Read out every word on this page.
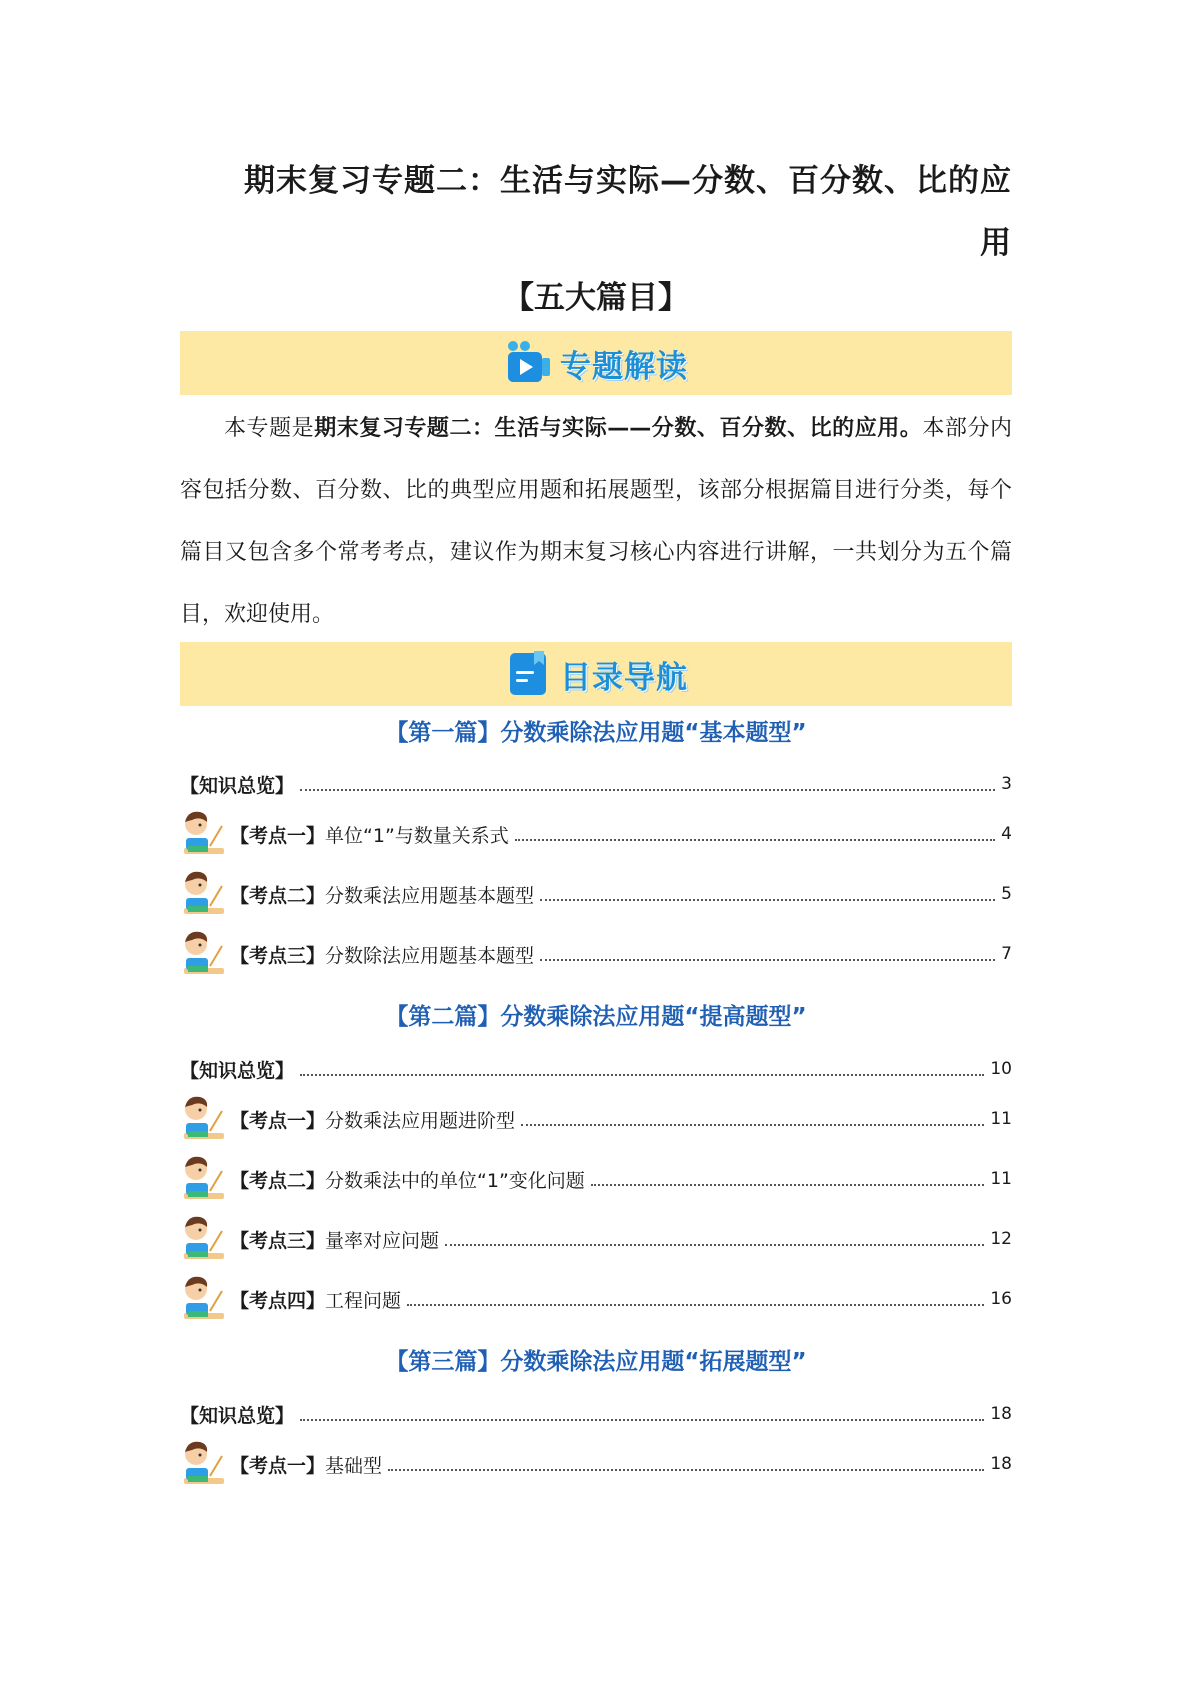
期末复习专题二：生活与实际—分数、百分数、比的应
用
【五大篇目】
专题解读
本专题是期末复习专题二：生活与实际——分数、百分数、比的应用。本部分内容包括分数、百分数、比的典型应用题和拓展题型，该部分根据篇目进行分类，每个篇目又包含多个常考考点，建议作为期末复习核心内容进行讲解，一共划分为五个篇目，欢迎使用。
目录导航
【第一篇】分数乘除法应用题“基本题型”
【知识总览】	3
【考点一】单位“1”与数量关系式	4
【考点二】分数乘法应用题基本题型	5
【考点三】分数除法应用题基本题型	7
【第二篇】分数乘除法应用题“提高题型”
【知识总览】	10
【考点一】分数乘法应用题进阶型	11
【考点二】分数乘法中的单位“1”变化问题	11
【考点三】量率对应问题	12
【考点四】工程问题	16
【第三篇】分数乘除法应用题“拓展题型”
【知识总览】	18
【考点一】基础型	18
